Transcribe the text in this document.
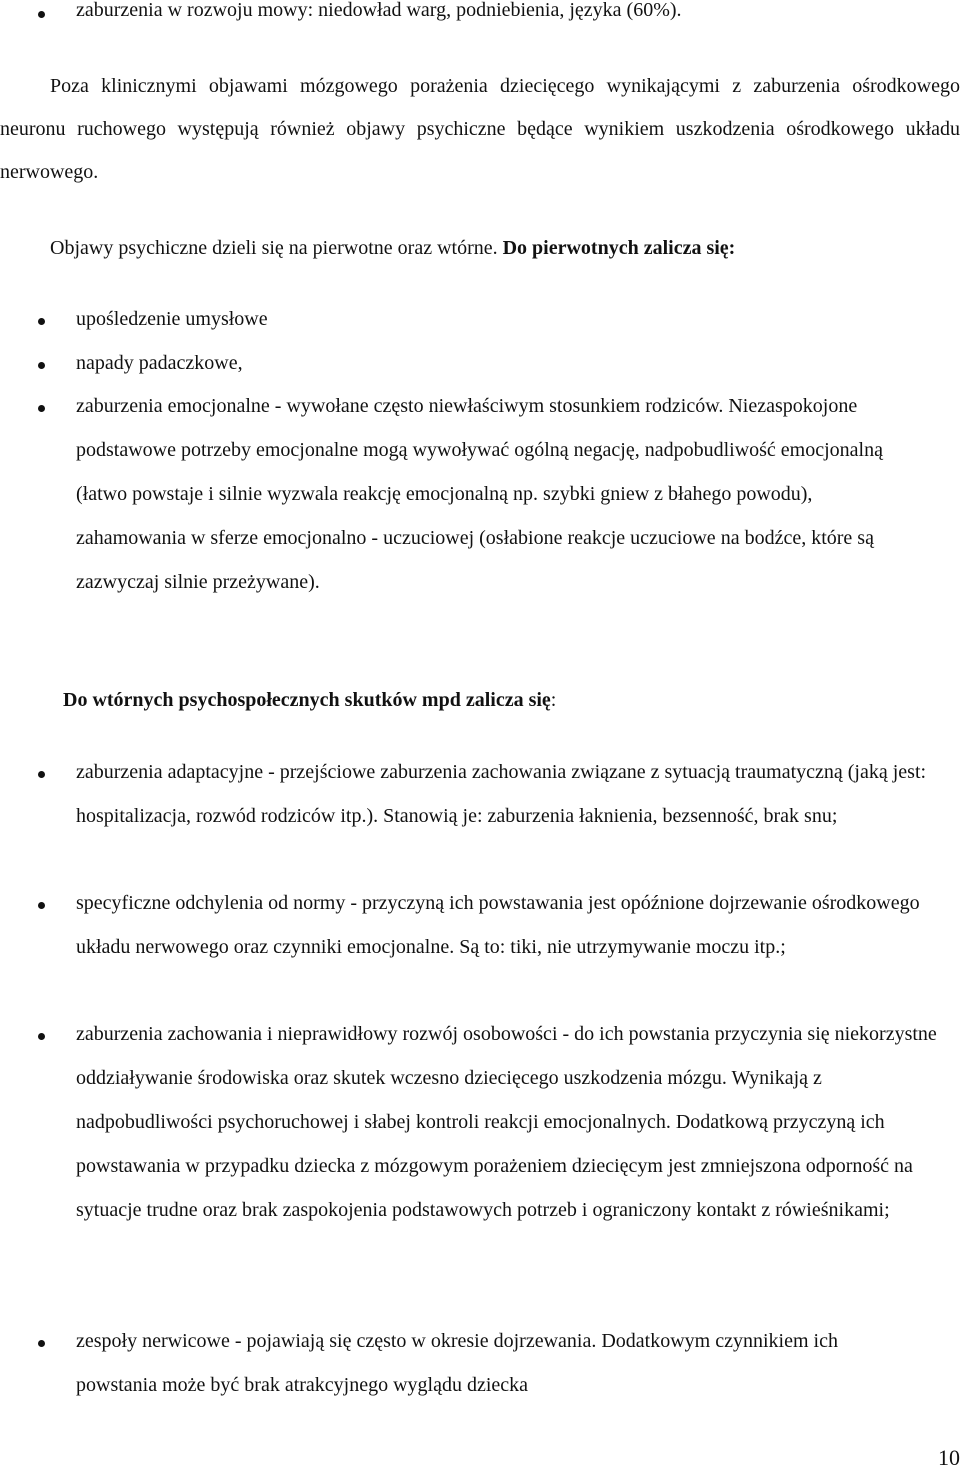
zaburzenia w rozwoju mowy: niedowład warg, podniebienia, języka (60%).
Poza klinicznymi objawami mózgowego porażenia dziecięcego wynikającymi z zaburzenia ośrodkowego neuronu ruchowego występują również objawy psychiczne będące wynikiem uszkodzenia ośrodkowego układu nerwowego.
Objawy psychiczne dzieli się na pierwotne oraz wtórne. Do pierwotnych zalicza się:
upośledzenie umysłowe
napady padaczkowe,
zaburzenia emocjonalne - wywołane często niewłaściwym stosunkiem rodziców. Niezaspokojone podstawowe potrzeby emocjonalne mogą wywoływać ogólną negację, nadpobudliwość emocjonalną (łatwo powstaje i silnie wyzwala reakcję emocjonalną np. szybki gniew z błahego powodu), zahamowania w sferze emocjonalno - uczuciowej (osłabione reakcje uczuciowe na bodźce, które są zazwyczaj silnie przeżywane).
Do wtórnych psychospołecznych skutków mpd zalicza się:
zaburzenia adaptacyjne - przejściowe zaburzenia zachowania związane z sytuacją traumatyczną (jaką jest: hospitalizacja, rozwód rodziców itp.). Stanowią je: zaburzenia łaknienia, bezsenność, brak snu;
specyficzne odchylenia od normy - przyczyną ich powstawania jest opóźnione dojrzewanie ośrodkowego układu nerwowego oraz czynniki emocjonalne. Są to: tiki, nie utrzymywanie moczu itp.;
zaburzenia zachowania i nieprawidłowy rozwój osobowości - do ich powstania przyczynia się niekorzystne oddziaływanie środowiska oraz skutek wczesno dziecięcego uszkodzenia mózgu. Wynikają z nadpobudliwości psychoruchowej i słabej kontroli reakcji emocjonalnych. Dodatkową przyczyną ich powstawania w przypadku dziecka z mózgowym porażeniem dziecięcym jest zmniejszona odporność na sytuacje trudne oraz brak zaspokojenia podstawowych potrzeb i ograniczony kontakt z rówieśnikami;
zespoły nerwicowe - pojawiają się często w okresie dojrzewania. Dodatkowym czynnikiem ich powstania może być brak atrakcyjnego wyglądu dziecka
10
